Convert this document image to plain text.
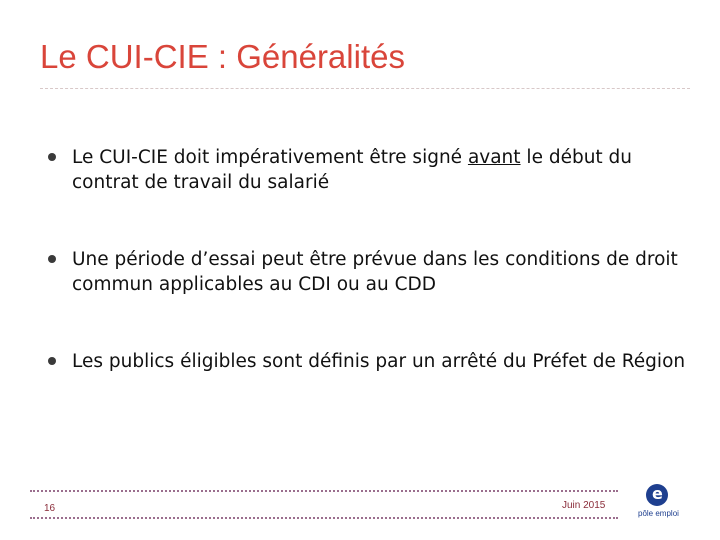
Le CUI-CIE : Généralités
Le CUI-CIE doit impérativement être signé avant le début du contrat de travail du salarié
Une période d’essai peut être prévue dans les conditions de droit commun applicables au CDI ou au CDD
Les publics éligibles sont définis par un arrêté du Préfet de Région
16	Juin 2015
e
pôle emploi
